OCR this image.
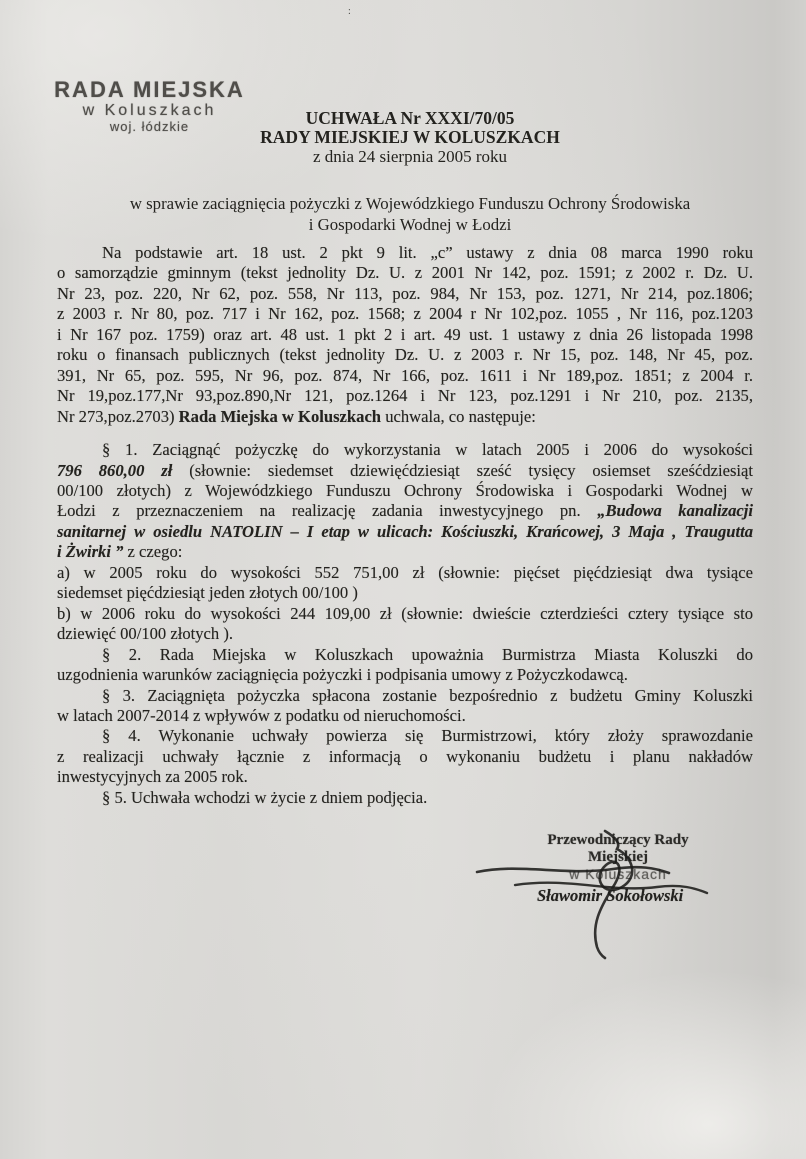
:
RADA MIEJSKA
w Koluszkach
woj. łódzkie	UCHWAŁA Nr XXXI/70/05
RADY MIEJSKIEJ W KOLUSZKACH
z dnia 24 sierpnia 2005 roku
w sprawie zaciągnięcia pożyczki z Wojewódzkiego Funduszu Ochrony Środowiska
i Gospodarki Wodnej w Łodzi
Na podstawie art. 18 ust. 2 pkt 9 lit. „c” ustawy z dnia 08 marca 1990 roku
o samorządzie gminnym (tekst jednolity Dz. U. z 2001 Nr 142, poz. 1591; z 2002 r. Dz. U.
Nr 23, poz. 220, Nr 62, poz. 558, Nr 113, poz. 984, Nr 153, poz. 1271, Nr 214, poz.1806;
z 2003 r. Nr 80, poz. 717 i Nr 162, poz. 1568; z 2004 r Nr 102,poz. 1055 , Nr 116, poz.1203
i Nr 167 poz. 1759) oraz art. 48 ust. 1 pkt 2 i art. 49 ust. 1 ustawy z dnia 26 listopada 1998
roku o finansach publicznych (tekst jednolity Dz. U. z 2003 r. Nr 15, poz. 148, Nr 45, poz.
391, Nr 65, poz. 595, Nr 96, poz. 874, Nr 166, poz. 1611 i Nr 189,poz. 1851; z 2004 r.
Nr 19,poz.177,Nr 93,poz.890,Nr 121, poz.1264 i Nr 123, poz.1291 i Nr 210, poz. 2135,
Nr 273,poz.2703) Rada Miejska w Koluszkach uchwala, co następuje:
§ 1. Zaciągnąć pożyczkę do wykorzystania w latach 2005 i 2006 do wysokości
796 860,00 zł (słownie: siedemset dziewięćdziesiąt sześć tysięcy osiemset sześćdziesiąt
00/100 złotych) z Wojewódzkiego Funduszu Ochrony Środowiska i Gospodarki Wodnej w
Łodzi z przeznaczeniem na realizację zadania inwestycyjnego pn. „Budowa kanalizacji
sanitarnej w osiedlu NATOLIN – I etap w ulicach: Kościuszki, Krańcowej, 3 Maja , Traugutta
i Żwirki ” z czego:
a) w 2005 roku do wysokości 552 751,00 zł (słownie: pięćset pięćdziesiąt dwa tysiące
siedemset pięćdziesiąt jeden złotych 00/100 )
b) w 2006 roku do wysokości 244 109,00 zł (słownie: dwieście czterdzieści cztery tysiące sto
dziewięć 00/100 złotych ).
§ 2. Rada Miejska w Koluszkach upoważnia Burmistrza Miasta Koluszki do
uzgodnienia warunków zaciągnięcia pożyczki i podpisania umowy z Pożyczkodawcą.
§ 3. Zaciągnięta pożyczka spłacona zostanie bezpośrednio z budżetu Gminy Koluszki
w latach 2007-2014 z wpływów z podatku od nieruchomości.
§ 4. Wykonanie uchwały powierza się Burmistrzowi, który złoży sprawozdanie
z realizacji uchwały łącznie z informacją o wykonaniu budżetu i planu nakładów
inwestycyjnych za 2005 rok.
§ 5. Uchwała wchodzi w życie z dniem podjęcia.
Przewodniczący Rady Miejskiej
w Koluszkach
Sławomir Sokołowski
